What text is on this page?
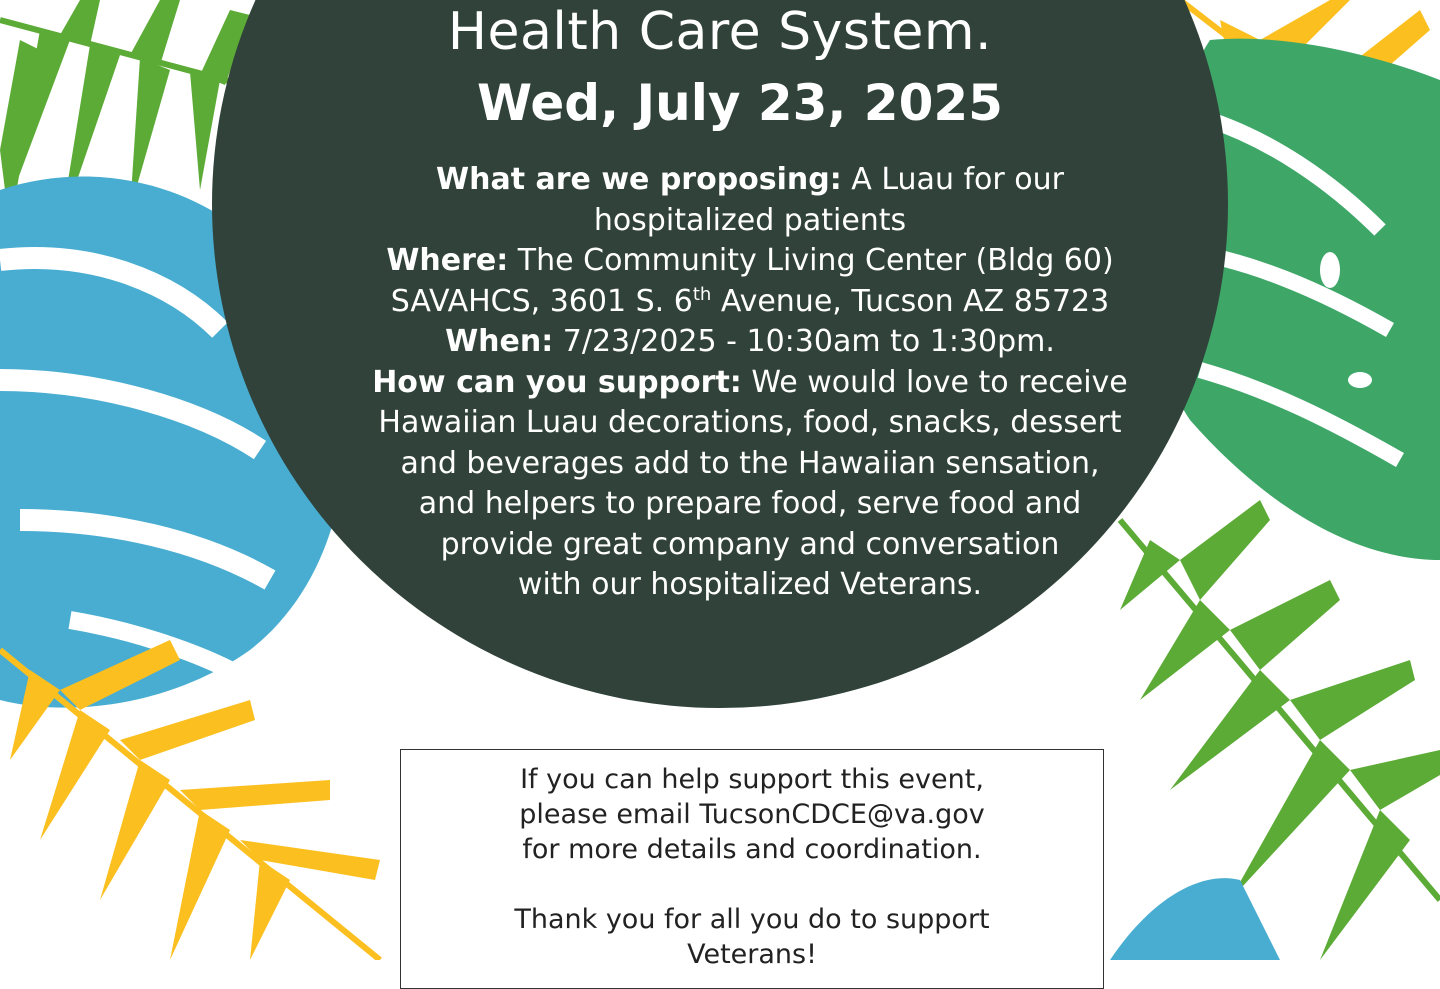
Health Care System.
Wed, July 23, 2025
What are we proposing: A Luau for our
hospitalized patients
Where: The Community Living Center (Bldg 60)
SAVAHCS, 3601 S. 6th Avenue, Tucson AZ 85723
When: 7/23/2025 - 10:30am to 1:30pm.
How can you support: We would love to receive
Hawaiian Luau decorations, food, snacks, dessert
and beverages add to the Hawaiian sensation,
and helpers to prepare food, serve food and
provide great company and conversation
with our hospitalized Veterans.
If you can help support this event,
please email TucsonCDCE@va.gov
for more details and coordination.
Thank you for all you do to support
Veterans!
